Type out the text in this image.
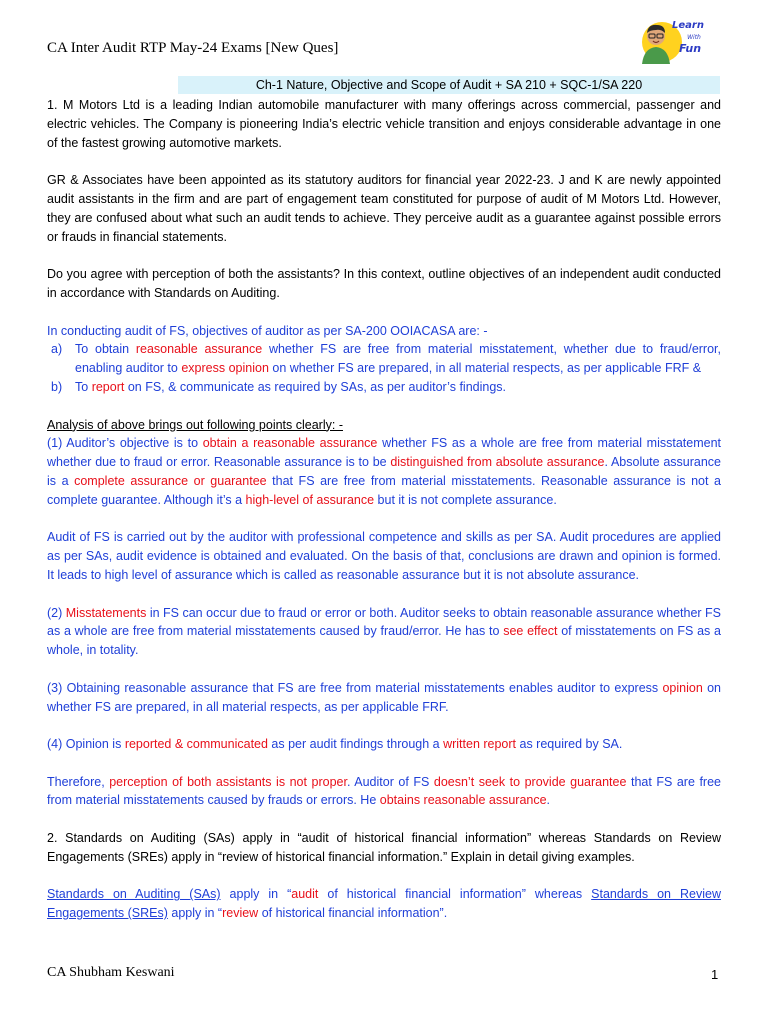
CA Inter Audit RTP May-24 Exams [New Ques]
Learn
With
Fun
Ch-1 Nature, Objective and Scope of Audit + SA 210 + SQC-1/SA 220

1. M Motors Ltd is a leading Indian automobile manufacturer with many offerings across commercial, passenger and electric vehicles. The Company is pioneering India’s electric vehicle transition and enjoys considerable advantage in one of the fastest growing automotive markets.

GR & Associates have been appointed as its statutory auditors for financial year 2022-23. J and K are newly appointed audit assistants in the firm and are part of engagement team constituted for purpose of audit of M Motors Ltd. However, they are confused about what such an audit tends to achieve. They perceive audit as a guarantee against possible errors or frauds in financial statements.

Do you agree with perception of both the assistants? In this context, outline objectives of an independent audit conducted in accordance with Standards on Auditing.

In conducting audit of FS, objectives of auditor as per SA-200 OOIACASA are: -

a) To obtain reasonable assurance whether FS are free from material misstatement, whether due to fraud/error, enabling auditor to express opinion on whether FS are prepared, in all material respects, as per applicable FRF &
b) To report on FS, & communicate as required by SAs, as per auditor’s findings.

Analysis of above brings out following points clearly: -

(1) Auditor’s objective is to obtain a reasonable assurance whether FS as a whole are free from material misstatement whether due to fraud or error. Reasonable assurance is to be distinguished from absolute assurance. Absolute assurance is a complete assurance or guarantee that FS are free from material misstatements. Reasonable assurance is not a complete guarantee. Although it’s a high-level of assurance but it is not complete assurance.

Audit of FS is carried out by the auditor with professional competence and skills as per SA. Audit procedures are applied as per SAs, audit evidence is obtained and evaluated. On the basis of that, conclusions are drawn and opinion is formed. It leads to high level of assurance which is called as reasonable assurance but it is not absolute assurance.

(2) Misstatements in FS can occur due to fraud or error or both. Auditor seeks to obtain reasonable assurance whether FS as a whole are free from material misstatements caused by fraud/error. He has to see effect of misstatements on FS as a whole, in totality.

(3) Obtaining reasonable assurance that FS are free from material misstatements enables auditor to express opinion on whether FS are prepared, in all material respects, as per applicable FRF.

(4) Opinion is reported & communicated as per audit findings through a written report as required by SA.

Therefore, perception of both assistants is not proper. Auditor of FS doesn’t seek to provide guarantee that FS are free from material misstatements caused by frauds or errors. He obtains reasonable assurance.

2. Standards on Auditing (SAs) apply in “audit of historical financial information” whereas Standards on Review Engagements (SREs) apply in “review of historical financial information.” Explain in detail giving examples.

Standards on Auditing (SAs) apply in “audit of historical financial information” whereas Standards on Review Engagements (SREs) apply in “review of historical financial information”.

CA Shubham Keswani	1
